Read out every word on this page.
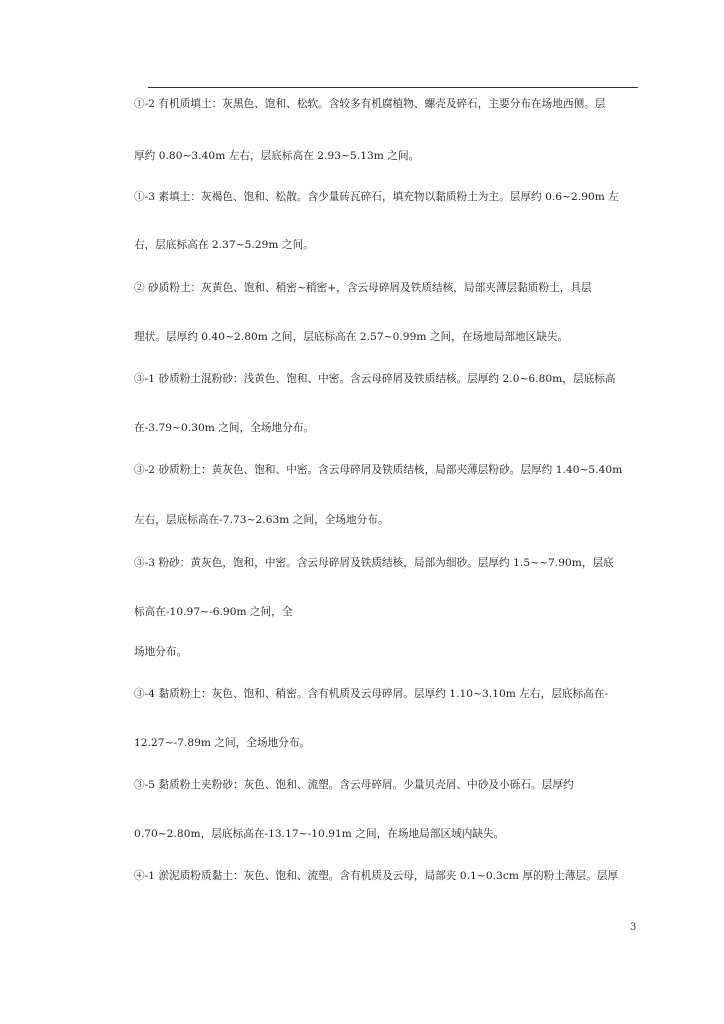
①-2 有机质填土：灰黑色、饱和、松软。含较多有机腐植物、螺壳及碎石，主要分布在场地西侧。层
厚约 0.80~3.40m 左右，层底标高在 2.93~5.13m 之间。
①-3 素填土：灰褐色、饱和、松散。含少量砖瓦碎石，填充物以黏质粉土为主。层厚约 0.6~2.90m 左
右，层底标高在 2.37~5.29m 之间。
② 砂质粉土：灰黄色、饱和、稍密~稍密+，含云母碎屑及铁质结核，局部夹薄层黏质粉土，具层
理状。层厚约 0.40~2.80m 之间，层底标高在 2.57~0.99m 之间，在场地局部地区缺失。
③-1 砂质粉土混粉砂：浅黄色、饱和、中密。含云母碎屑及铁质结核。层厚约 2.0~6.80m，层底标高
在-3.79~0.30m 之间，全场地分布。
③-2 砂质粉土：黄灰色、饱和、中密。含云母碎屑及铁质结核，局部夹薄层粉砂。层厚约 1.40~5.40m
左右，层底标高在-7.73~2.63m 之间，全场地分布。
③-3 粉砂：黄灰色，饱和，中密。含云母碎屑及铁质结核，局部为细砂。层厚约 1.5~~7.90m，层底
标高在-10.97~-6.90m 之间，全
场地分布。
③-4 黏质粉土：灰色、饱和、稍密。含有机质及云母碎屑。层厚约 1.10~3.10m 左右，层底标高在-
12.27~-7.89m 之间，全场地分布。
③-5 黏质粉土夹粉砂：灰色、饱和、流塑。含云母碎屑。少量贝壳屑、中砂及小砾石。层厚约
0.70~2.80m，层底标高在-13.17~-10.91m 之间，在场地局部区域内缺失。
④-1 淤泥质粉质黏土：灰色、饱和、流塑。含有机质及云母，局部夹 0.1~0.3cm 厚的粉土薄层。层厚
3
